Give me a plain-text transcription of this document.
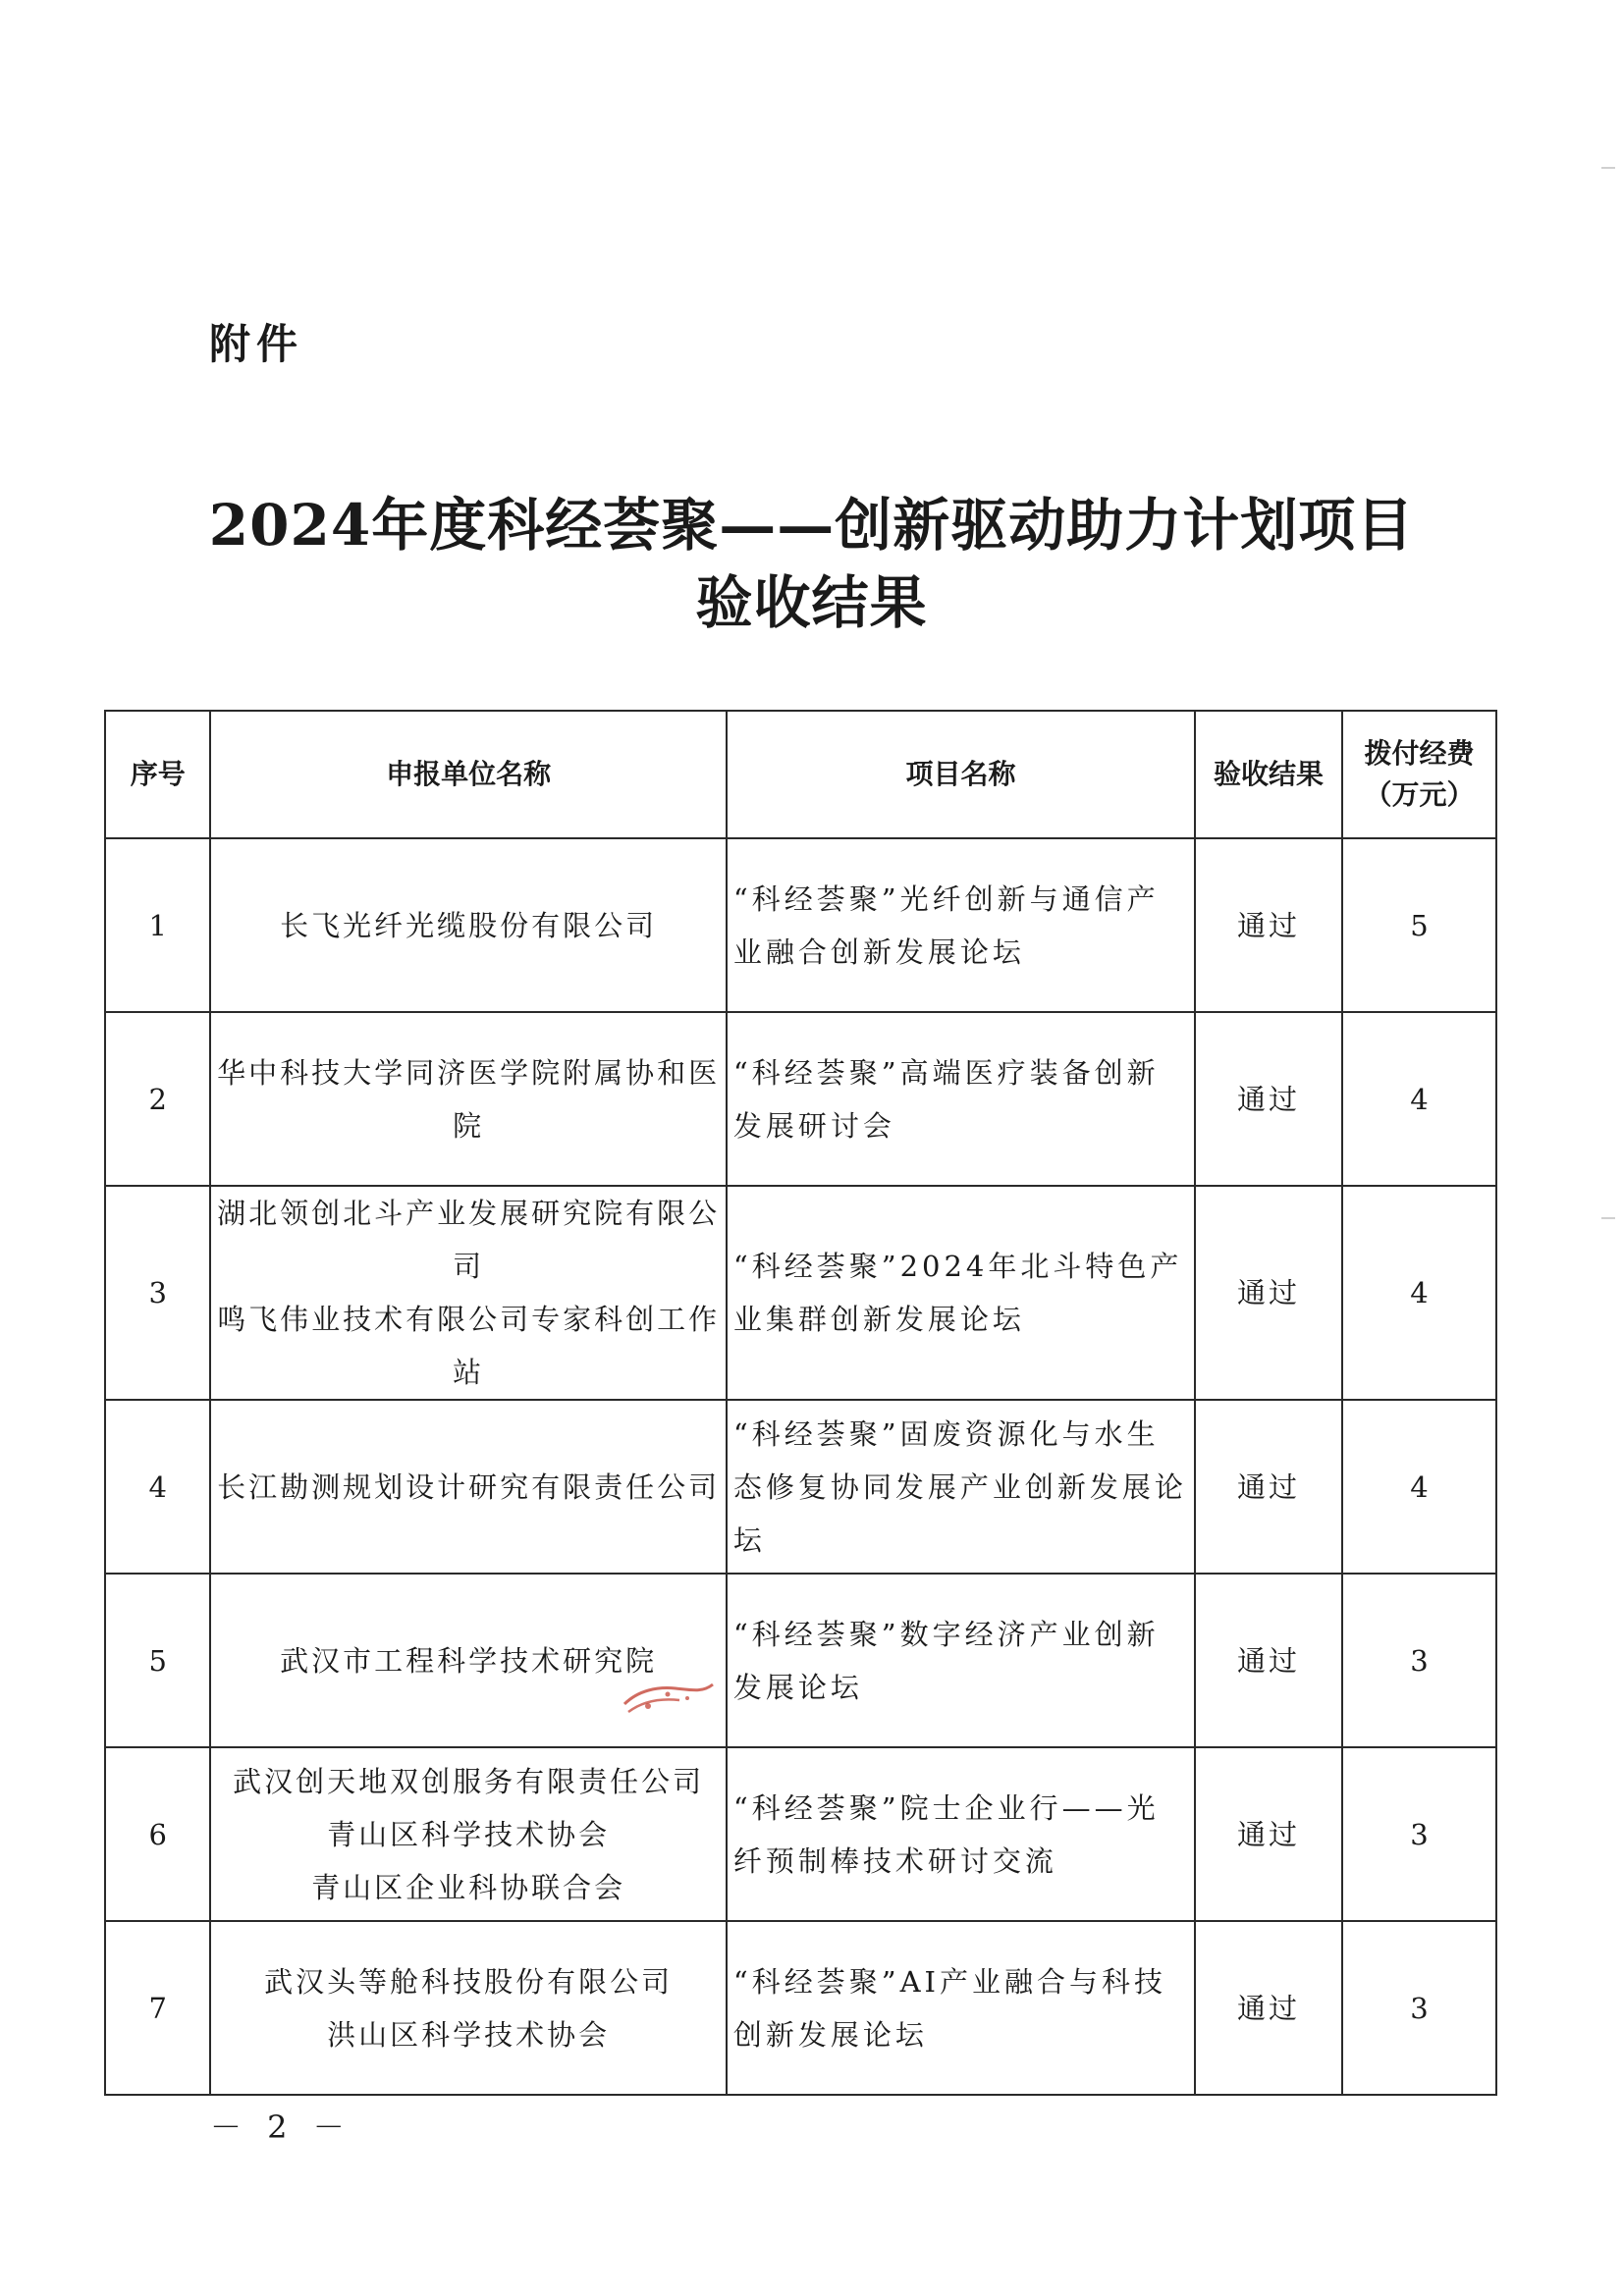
附件
2024年度科经荟聚——创新驱动助力计划项目
验收结果
序号	申报单位名称	项目名称	验收结果	拨付经费
（万元）
1	长飞光纤光缆股份有限公司	“科经荟聚”光纤创新与通信产业融合创新发展论坛	通过	5
2	华中科技大学同济医学院附属协和医院	“科经荟聚”高端医疗装备创新发展研讨会	通过	4
3	湖北领创北斗产业发展研究院有限公司
鸣飞伟业技术有限公司专家科创工作站	“科经荟聚”2024年北斗特色产业集群创新发展论坛	通过	4
4	长江勘测规划设计研究有限责任公司	“科经荟聚”固废资源化与水生态修复协同发展产业创新发展论坛	通过	4
5	武汉市工程科学技术研究院	“科经荟聚”数字经济产业创新发展论坛	通过	3
6	武汉创天地双创服务有限责任公司
青山区科学技术协会
青山区企业科协联合会	“科经荟聚”院士企业行——光纤预制棒技术研讨交流	通过	3
7	武汉头等舱科技股份有限公司
洪山区科学技术协会	“科经荟聚”AI产业融合与科技创新发展论坛	通过	3
－ 2 －
